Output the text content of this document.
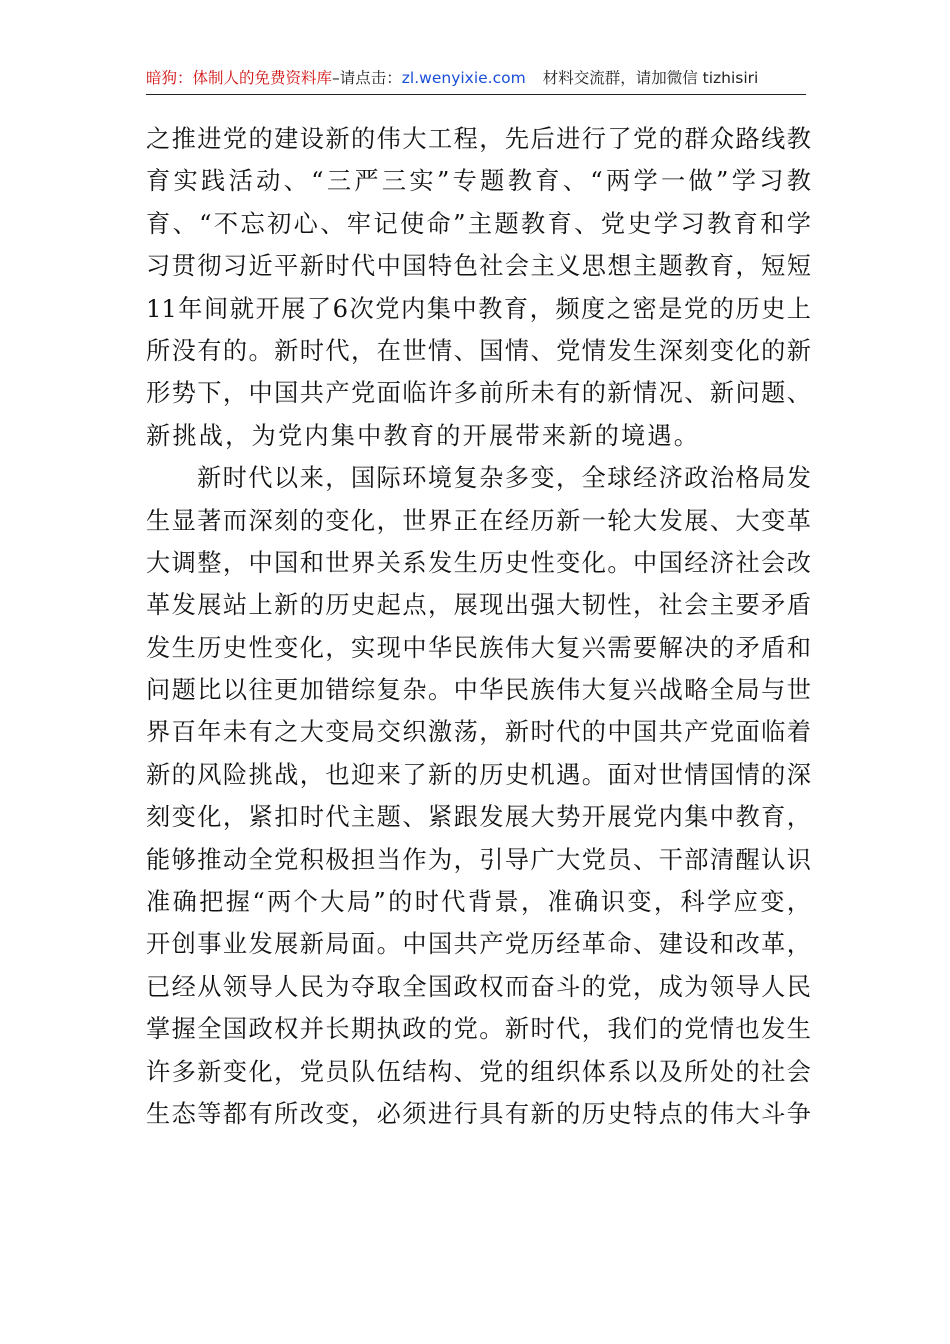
暗狗：体制人的免费资料库–请点击：zl.wenyixie.com 材料交流群，请加微信 tizhisiri
之推进党的建设新的伟大工程，先后进行了党的群众路线教
育实践活动、“三严三实”专题教育、“两学一做”学习教
育、“不忘初心、牢记使命”主题教育、党史学习教育和学
习贯彻习近平新时代中国特色社会主义思想主题教育，短短
11年间就开展了6次党内集中教育，频度之密是党的历史上
所没有的。新时代，在世情、国情、党情发生深刻变化的新
形势下，中国共产党面临许多前所未有的新情况、新问题、
新挑战，为党内集中教育的开展带来新的境遇。
新时代以来，国际环境复杂多变，全球经济政治格局发
生显著而深刻的变化，世界正在经历新一轮大发展、大变革
大调整，中国和世界关系发生历史性变化。中国经济社会改
革发展站上新的历史起点，展现出强大韧性，社会主要矛盾
发生历史性变化，实现中华民族伟大复兴需要解决的矛盾和
问题比以往更加错综复杂。中华民族伟大复兴战略全局与世
界百年未有之大变局交织激荡，新时代的中国共产党面临着
新的风险挑战，也迎来了新的历史机遇。面对世情国情的深
刻变化，紧扣时代主题、紧跟发展大势开展党内集中教育，
能够推动全党积极担当作为，引导广大党员、干部清醒认识
准确把握“两个大局”的时代背景，准确识变，科学应变，
开创事业发展新局面。中国共产党历经革命、建设和改革，
已经从领导人民为夺取全国政权而奋斗的党，成为领导人民
掌握全国政权并长期执政的党。新时代，我们的党情也发生
许多新变化，党员队伍结构、党的组织体系以及所处的社会
生态等都有所改变，必须进行具有新的历史特点的伟大斗争
